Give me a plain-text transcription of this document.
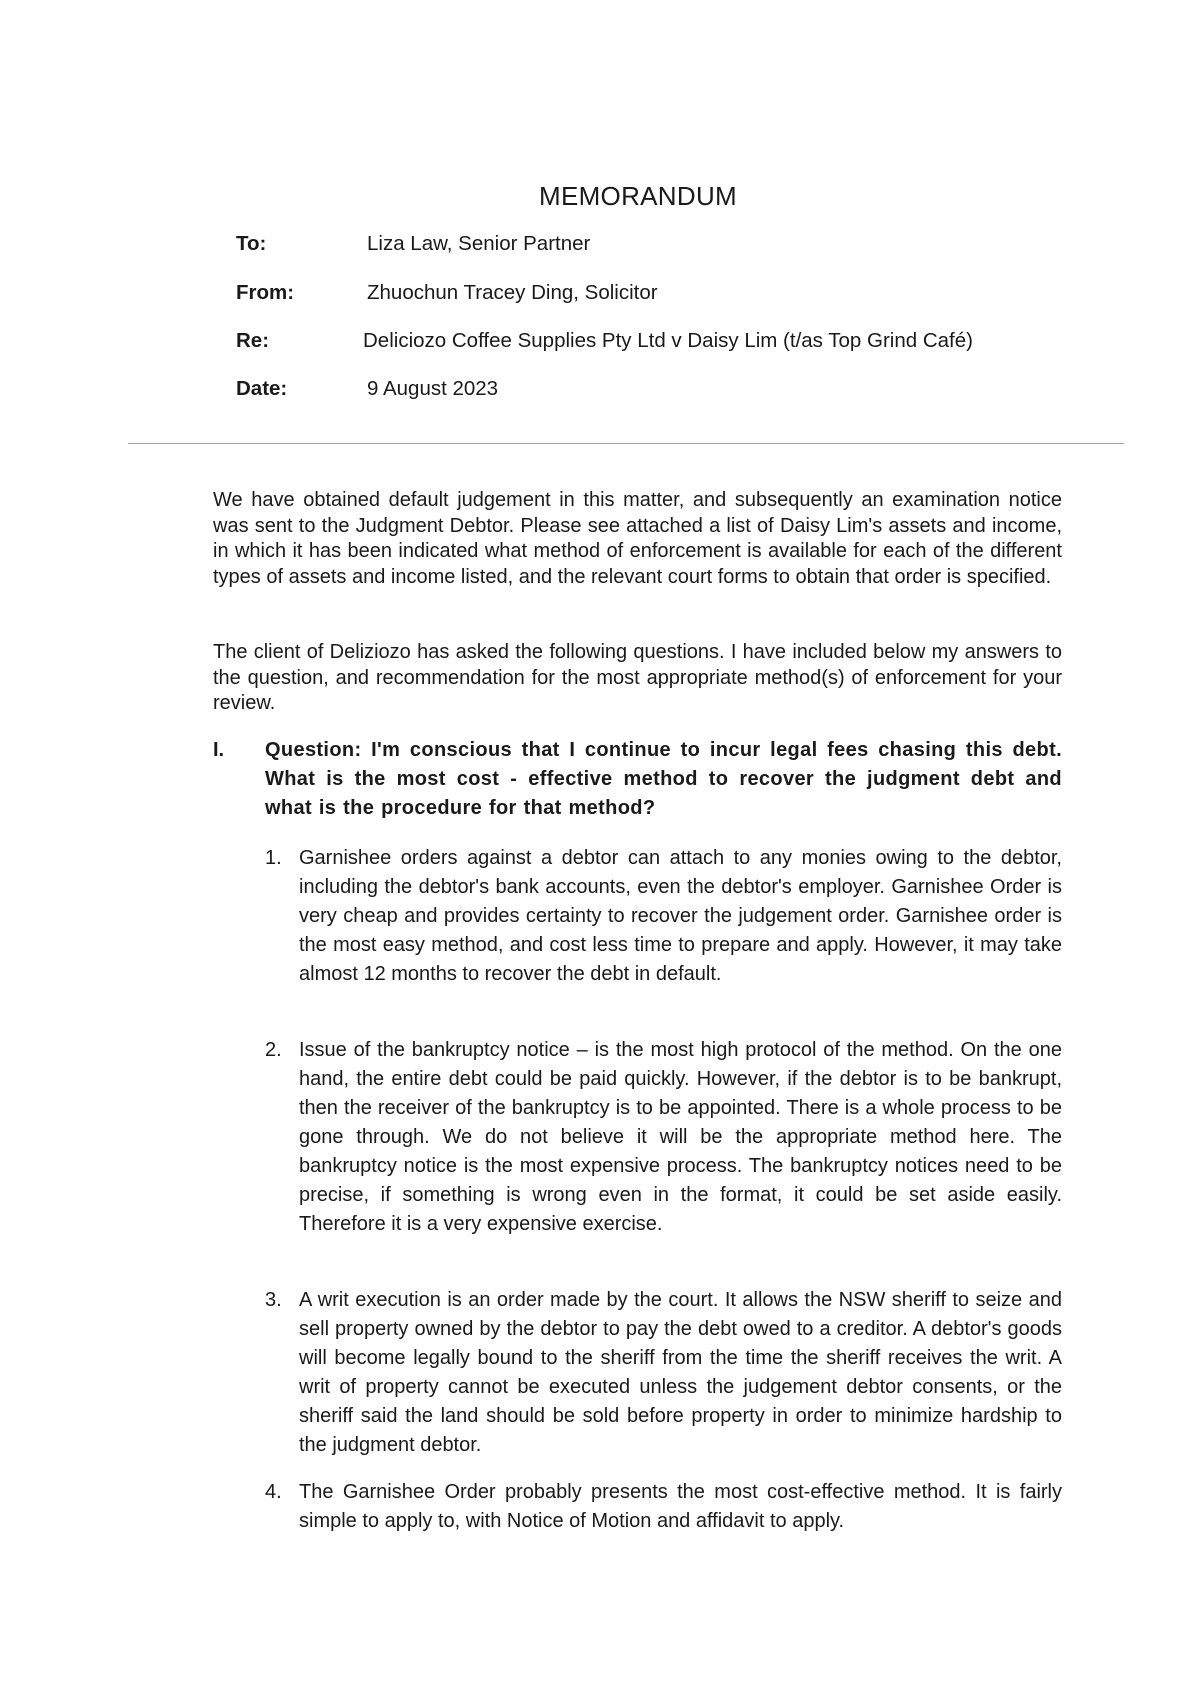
MEMORANDUM
To:	Liza Law, Senior Partner
From:	Zhuochun Tracey Ding, Solicitor
Re:	Deliciozo Coffee Supplies Pty Ltd v Daisy Lim (t/as Top Grind Café)
Date:	9 August 2023

We have obtained default judgement in this matter, and subsequently an examination notice was sent to the Judgment Debtor. Please see attached a list of Daisy Lim's assets and income, in which it has been indicated what method of enforcement is available for each of the different types of assets and income listed, and the relevant court forms to obtain that order is specified.

The client of Deliziozo has asked the following questions. I have included below my answers to the question, and recommendation for the most appropriate method(s) of enforcement for your review.

I. Question: I'm conscious that I continue to incur legal fees chasing this debt. What is the most cost - effective method to recover the judgment debt and what is the procedure for that method?
1. Garnishee orders against a debtor can attach to any monies owing to the debtor, including the debtor's bank accounts, even the debtor's employer. Garnishee Order is very cheap and provides certainty to recover the judgement order. Garnishee order is the most easy method, and cost less time to prepare and apply. However, it may take almost 12 months to recover the debt in default.
2. Issue of the bankruptcy notice – is the most high protocol of the method. On the one hand, the entire debt could be paid quickly. However, if the debtor is to be bankrupt, then the receiver of the bankruptcy is to be appointed. There is a whole process to be gone through. We do not believe it will be the appropriate method here. The bankruptcy notice is the most expensive process. The bankruptcy notices need to be precise, if something is wrong even in the format, it could be set aside easily. Therefore it is a very expensive exercise.
3. A writ execution is an order made by the court. It allows the NSW sheriff to seize and sell property owned by the debtor to pay the debt owed to a creditor. A debtor's goods will become legally bound to the sheriff from the time the sheriff receives the writ. A writ of property cannot be executed unless the judgement debtor consents, or the sheriff said the land should be sold before property in order to minimize hardship to the judgment debtor.
4. The Garnishee Order probably presents the most cost-effective method. It is fairly simple to apply to, with Notice of Motion and affidavit to apply.
